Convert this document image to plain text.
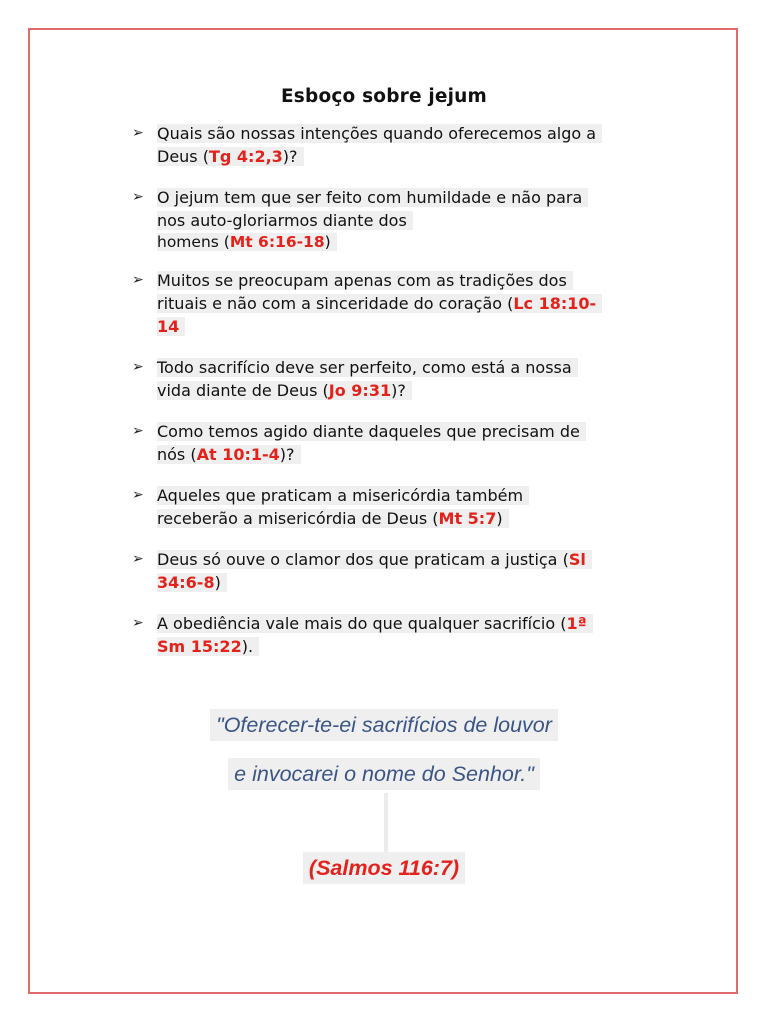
Esboço sobre jejum
➢ Quais são nossas intenções quando oferecemos algo a
Deus (Tg 4:2,3)?
➢ O jejum tem que ser feito com humildade e não para
nos auto-gloriarmos diante dos
homens (Mt 6:16-18)
➢ Muitos se preocupam apenas com as tradições dos
rituais e não com a sinceridade do coração (Lc 18:10-
14
➢ Todo sacrifício deve ser perfeito, como está a nossa
vida diante de Deus (Jo 9:31)?
➢ Como temos agido diante daqueles que precisam de
nós (At 10:1-4)?
➢ Aqueles que praticam a misericórdia também
receberão a misericórdia de Deus (Mt 5:7)
➢ Deus só ouve o clamor dos que praticam a justiça (Sl
34:6-8)
➢ A obediência vale mais do que qualquer sacrifício (1ª
Sm 15:22).
"Oferecer-te-ei sacrifícios de louvor
e invocarei o nome do Senhor."
(Salmos 116:7)
